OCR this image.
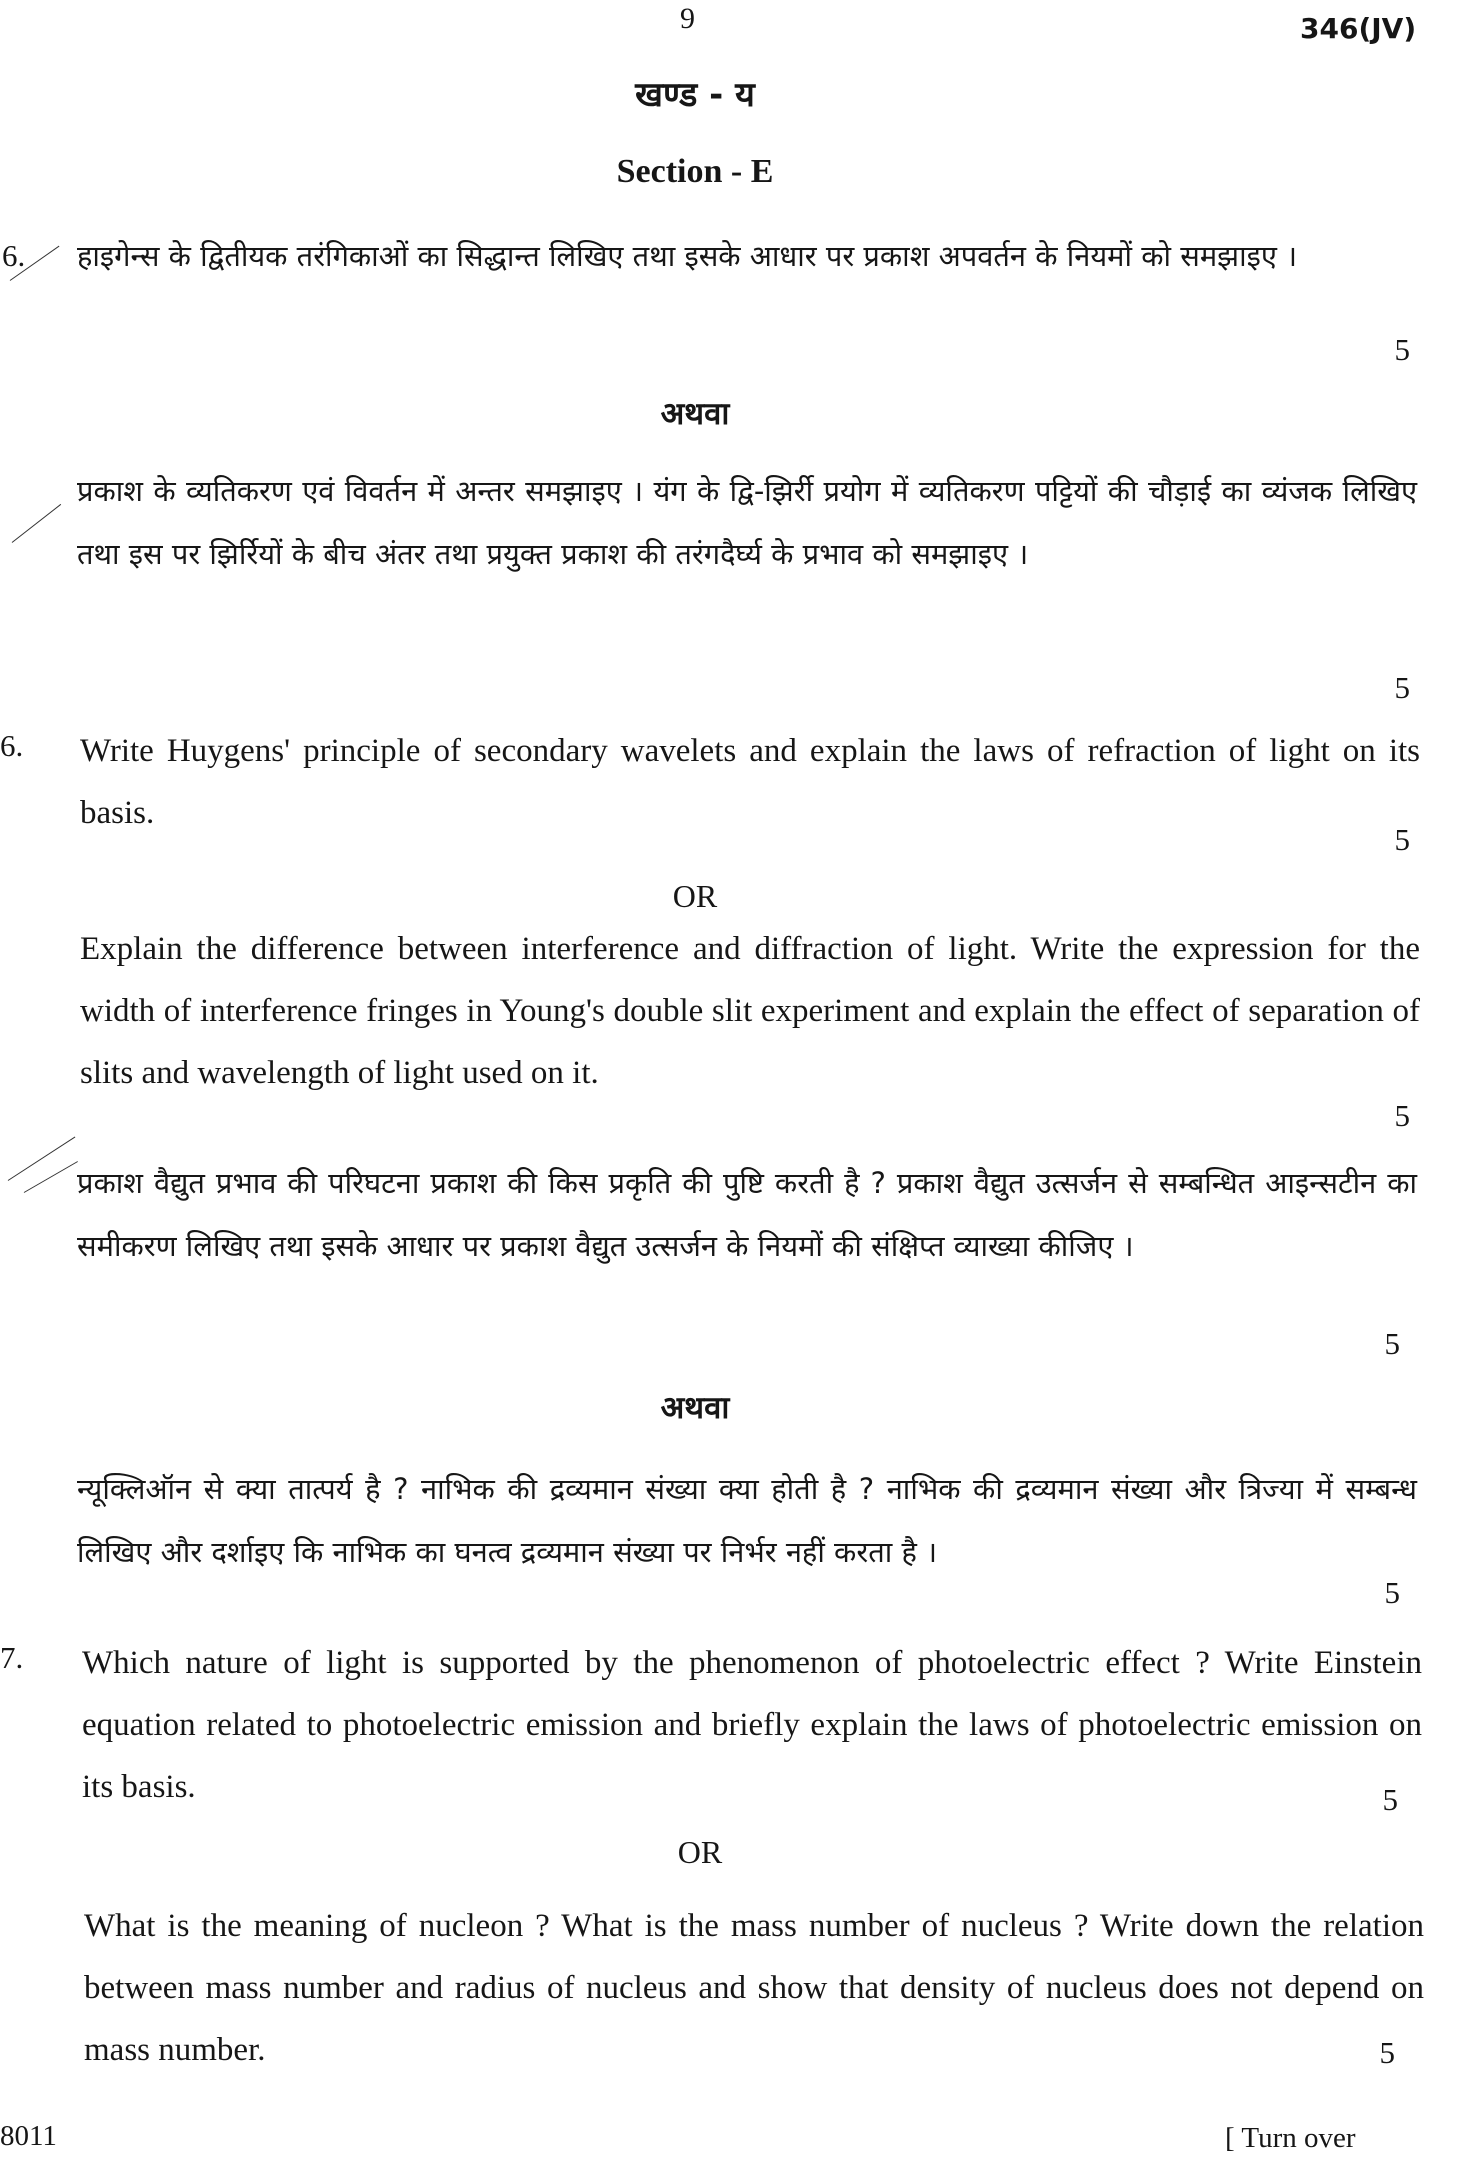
9	346(JV)
खण्ड - य
Section - E
6. हाइगेन्स के द्वितीयक तरंगिकाओं का सिद्धान्त लिखिए तथा इसके आधार पर प्रकाश अपवर्तन के नियमों को समझाइए ।

5
अथवा

प्रकाश के व्यतिकरण एवं विवर्तन में अन्तर समझाइए । यंग के द्वि-झिर्री प्रयोग में व्यतिकरण पट्टियों की चौड़ाई का व्यंजक लिखिए तथा इस पर झिर्रियों के बीच अंतर तथा प्रयुक्त प्रकाश की तरंगदैर्घ्य के प्रभाव को समझाइए ।

5
6. Write Huygens' principle of secondary wavelets and explain the laws of refraction of light on its basis.

5
OR

Explain the difference between interference and diffraction of light. Write the expression for the width of interference fringes in Young's double slit experiment and explain the effect of separation of slits and wavelength of light used on it.

5

प्रकाश वैद्युत प्रभाव की परिघटना प्रकाश की किस प्रकृति की पुष्टि करती है ? प्रकाश वैद्युत उत्सर्जन से सम्बन्धित आइन्सटीन का समीकरण लिखिए तथा इसके आधार पर प्रकाश वैद्युत उत्सर्जन के नियमों की संक्षिप्त व्याख्या कीजिए ।

5
अथवा

न्यूक्लिऑन से क्या तात्पर्य है ? नाभिक की द्रव्यमान संख्या क्या होती है ? नाभिक की द्रव्यमान संख्या और त्रिज्या में सम्बन्ध लिखिए और दर्शाइए कि नाभिक का घनत्व द्रव्यमान संख्या पर निर्भर नहीं करता है ।

5
7. Which nature of light is supported by the phenomenon of photoelectric effect ? Write Einstein equation related to photoelectric emission and briefly explain the laws of photoelectric emission on its basis.	5
OR

What is the meaning of nucleon ? What is the mass number of nucleus ? Write down the relation between mass number and radius of nucleus and show that density of nucleus does not depend on mass number.	5
8011	[ Turn over
